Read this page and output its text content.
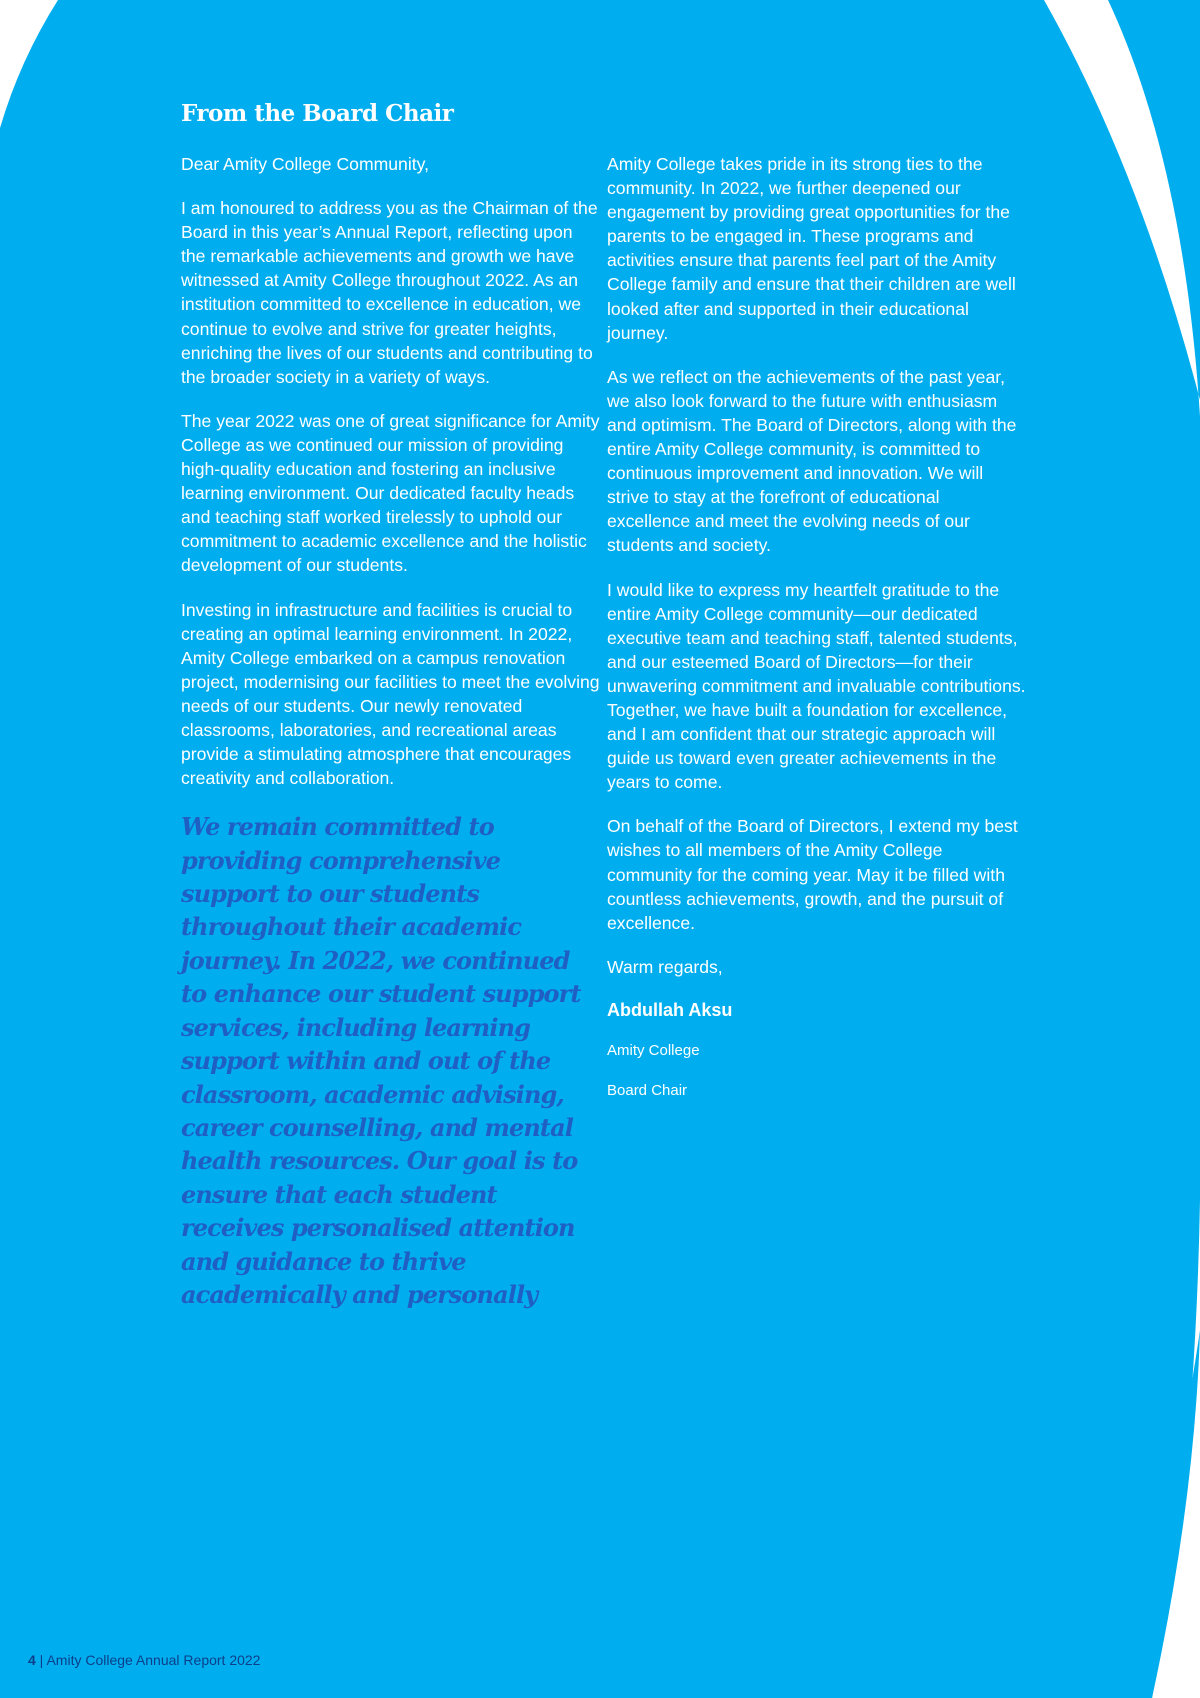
From the Board Chair

Dear Amity College Community,

I am honoured to address you as the Chairman of the Board in this year’s Annual Report, reflecting upon the remarkable achievements and growth we have witnessed at Amity College throughout 2022. As an institution committed to excellence in education, we continue to evolve and strive for greater heights, enriching the lives of our students and contributing to the broader society in a variety of ways.

The year 2022 was one of great significance for Amity College as we continued our mission of providing high-quality education and fostering an inclusive learning environment. Our dedicated faculty heads and teaching staff worked tirelessly to uphold our commitment to academic excellence and the holistic development of our students.

Investing in infrastructure and facilities is crucial to creating an optimal learning environment. In 2022, Amity College embarked on a campus renovation project, modernising our facilities to meet the evolving needs of our students. Our newly renovated classrooms, laboratories, and recreational areas provide a stimulating atmosphere that encourages creativity and collaboration.

We remain committed to providing comprehensive support to our students throughout their academic journey. In 2022, we continued to enhance our student support services, including learning support within and out of the classroom, academic advising, career counselling, and mental health resources. Our goal is to ensure that each student receives personalised attention and guidance to thrive academically and personally

Amity College takes pride in its strong ties to the community. In 2022, we further deepened our engagement by providing great opportunities for the parents to be engaged in. These programs and activities ensure that parents feel part of the Amity College family and ensure that their children are well looked after and supported in their educational journey.

As we reflect on the achievements of the past year, we also look forward to the future with enthusiasm and optimism. The Board of Directors, along with the entire Amity College community, is committed to continuous improvement and innovation. We will strive to stay at the forefront of educational excellence and meet the evolving needs of our students and society.

I would like to express my heartfelt gratitude to the entire Amity College community—our dedicated executive team and teaching staff, talented students, and our esteemed Board of Directors—for their unwavering commitment and invaluable contributions. Together, we have built a foundation for excellence, and I am confident that our strategic approach will guide us toward even greater achievements in the years to come.

On behalf of the Board of Directors, I extend my best wishes to all members of the Amity College community for the coming year. May it be filled with countless achievements, growth, and the pursuit of excellence.

Warm regards,

Abdullah Aksu

Amity College

Board Chair

4 | Amity College Annual Report 2022
